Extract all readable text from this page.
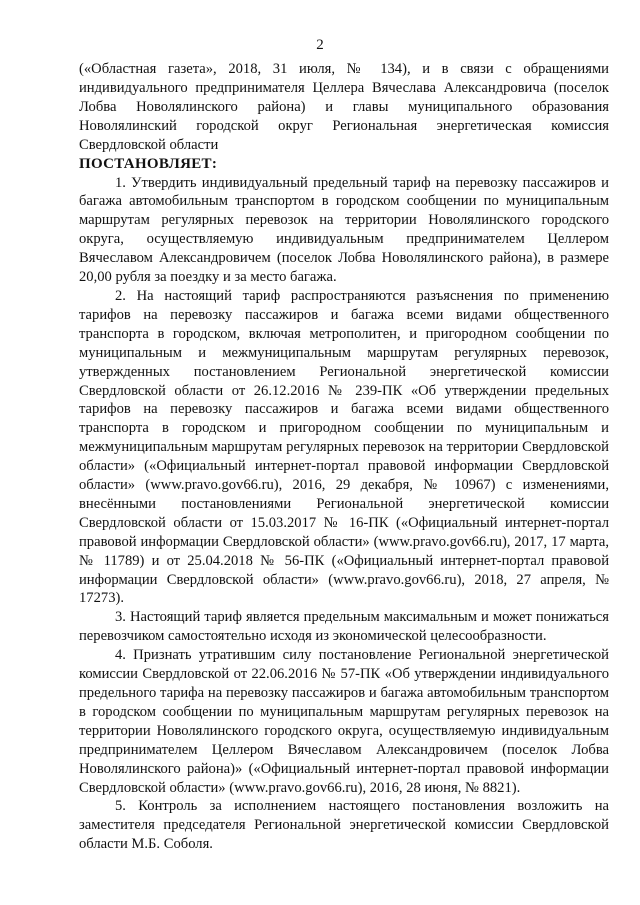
2

(«Областная газета», 2018, 31 июля, № 134), и в связи с обращениями индивидуального предпринимателя Целлера Вячеслава Александровича (поселок Лобва Новолялинского района) и главы муниципального образования Новолялинский городской округ Региональная энергетическая комиссия Свердловской области

ПОСТАНОВЛЯЕТ:

1. Утвердить индивидуальный предельный тариф на перевозку пассажиров и багажа автомобильным транспортом в городском сообщении по муниципальным маршрутам регулярных перевозок на территории Новолялинского городского округа, осуществляемую индивидуальным предпринимателем Целлером Вячеславом Александровичем (поселок Лобва Новолялинского района), в размере 20,00 рубля за поездку и за место багажа.

2. На настоящий тариф распространяются разъяснения по применению тарифов на перевозку пассажиров и багажа всеми видами общественного транспорта в городском, включая метрополитен, и пригородном сообщении по муниципальным и межмуниципальным маршрутам регулярных перевозок, утвержденных постановлением Региональной энергетической комиссии Свердловской области от 26.12.2016 № 239-ПК «Об утверждении предельных тарифов на перевозку пассажиров и багажа всеми видами общественного транспорта в городском и пригородном сообщении по муниципальным и межмуниципальным маршрутам регулярных перевозок на территории Свердловской области» («Официальный интернет-портал правовой информации Свердловской области» (www.pravo.gov66.ru), 2016, 29 декабря, № 10967) с изменениями, внесёнными постановлениями Региональной энергетической комиссии Свердловской области от 15.03.2017 № 16-ПК («Официальный интернет-портал правовой информации Свердловской области» (www.pravo.gov66.ru), 2017, 17 марта, № 11789) и от 25.04.2018 № 56-ПК («Официальный интернет-портал правовой информации Свердловской области» (www.pravo.gov66.ru), 2018, 27 апреля, № 17273).

3. Настоящий тариф является предельным максимальным и может понижаться перевозчиком самостоятельно исходя из экономической целесообразности.

4. Признать утратившим силу постановление Региональной энергетической комиссии Свердловской от 22.06.2016 № 57-ПК «Об утверждении индивидуального предельного тарифа на перевозку пассажиров и багажа автомобильным транспортом в городском сообщении по муниципальным маршрутам регулярных перевозок на территории Новолялинского городского округа, осуществляемую индивидуальным предпринимателем Целлером Вячеславом Александровичем (поселок Лобва Новолялинского района)» («Официальный интернет-портал правовой информации Свердловской области» (www.pravo.gov66.ru), 2016, 28 июня, № 8821).

5. Контроль за исполнением настоящего постановления возложить на заместителя председателя Региональной энергетической комиссии Свердловской области М.Б. Соболя.
